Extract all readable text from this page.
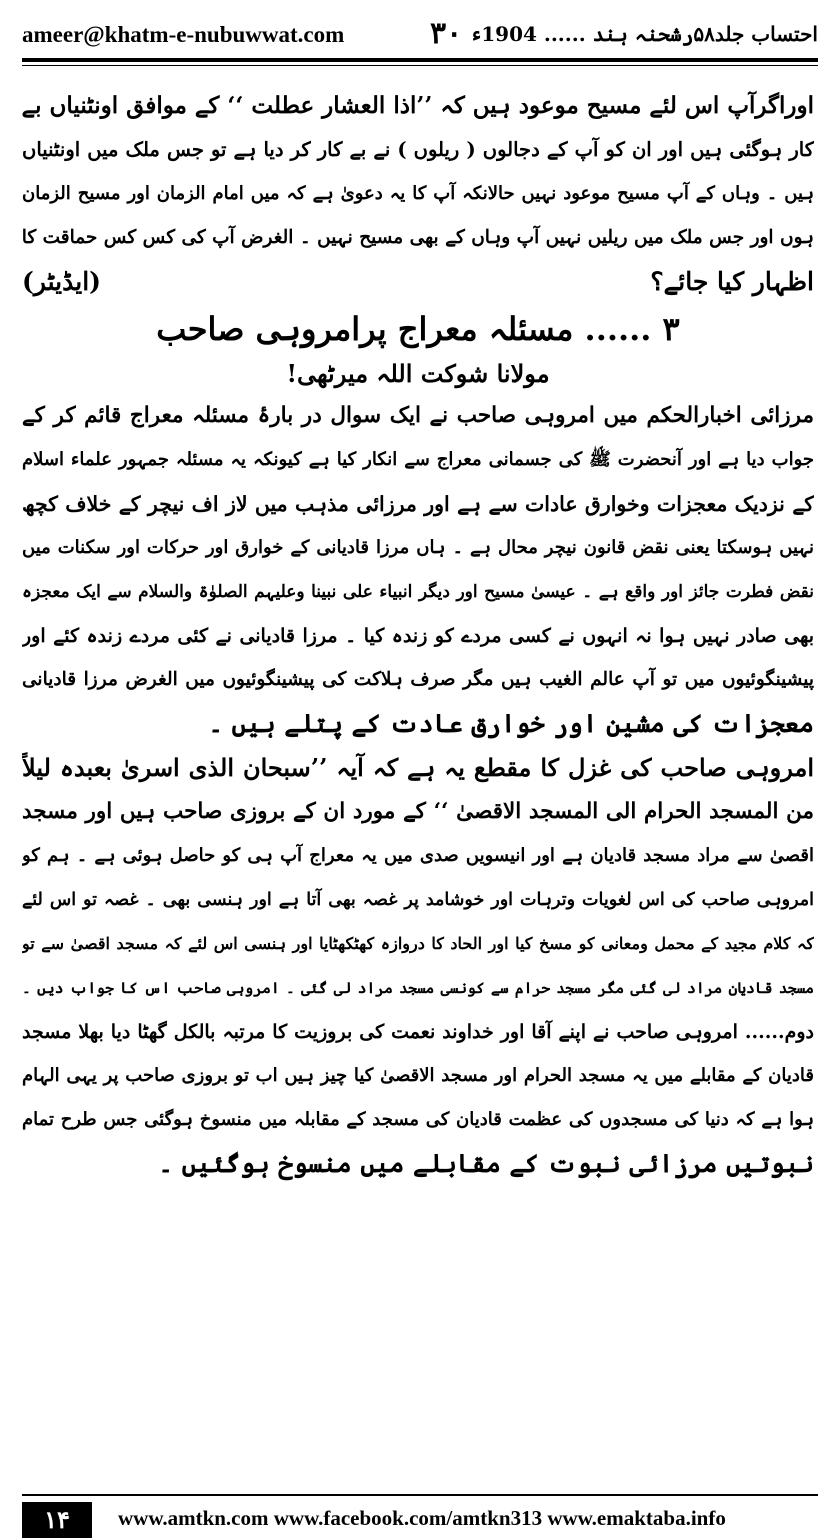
ameer@khatm-e-nubuwwat.com	۳۰ احتساب جلد۵۸رشحنہ ہند ...... 1904ء
اوراگرآپ اس لئے مسیح موعود ہیں کہ ’’اذا العشار عطلت ‘‘ کے موافق اونٹنیاں بے
کار ہوگئی ہیں اور ان کو آپ کے دجالوں ( ریلوں ) نے بے کار کر دیا ہے تو جس ملک میں اونٹنیاں
ہیں ۔ وہاں کے آپ مسیح موعود نہیں حالانکہ آپ کا یہ دعویٰ ہے کہ میں امام الزمان اور مسیح الزمان
ہوں اور جس ملک میں ریلیں نہیں آپ وہاں کے بھی مسیح نہیں ۔ الغرض آپ کی کس کس حماقت کا
اظہار کیا جائے؟
(ایڈیٹر)
۳ ...... مسئلہ معراج پرامروہی صاحب
مولانا شوکت اللہ میرٹھی!
مرزائی اخبارالحکم میں امروہی صاحب نے ایک سوال در بارۂ مسئلہ معراج قائم کر کے
جواب دیا ہے اور آنحضرت ﷺ کی جسمانی معراج سے انکار کیا ہے کیونکہ یہ مسئلہ جمہور علماء اسلام
کے نزدیک معجزات وخوارق عادات سے ہے اور مرزائی مذہب میں لاز اف نیچر کے خلاف کچھ
نہیں ہوسکتا یعنی نقض قانون نیچر محال ہے ۔ ہاں مرزا قادیانی کے خوارق اور حرکات اور سکنات میں
نقض فطرت جائز اور واقع ہے ۔ عیسیٰ مسیح اور دیگر انبیاء علی نبینا وعلیہم الصلوٰۃ والسلام سے ایک معجزہ
بھی صادر نہیں ہوا نہ انہوں نے کسی مردے کو زندہ کیا ۔ مرزا قادیانی نے کئی مردے زندہ کئے اور
پیشینگوئیوں میں تو آپ عالم الغیب ہیں مگر صرف ہلاکت کی پیشینگوئیوں میں الغرض مرزا قادیانی
معجزات کی مشین اور خوارق عادت کے پتلے ہیں ۔
امروہی صاحب کی غزل کا مقطع یہ ہے کہ آیہ ’’سبحان الذی اسریٰ بعبدہ لیلاً
من المسجد الحرام الی المسجد الاقصیٰ ‘‘ کے مورد ان کے بروزی صاحب ہیں اور مسجد
اقصیٰ سے مراد مسجد قادیان ہے اور انیسویں صدی میں یہ معراج آپ ہی کو حاصل ہوئی ہے ۔ ہم کو
امروہی صاحب کی اس لغویات وترہات اور خوشامد پر غصہ بھی آتا ہے اور ہنسی بھی ۔ غصہ تو اس لئے
کہ کلام مجید کے محمل ومعانی کو مسخ کیا اور الحاد کا دروازہ کھٹکھٹایا اور ہنسی اس لئے کہ مسجد اقصیٰ سے تو
مسجد قادیان مراد لی گئی مگر مسجد حرام سے کونسی مسجد مراد لی گئی ۔ امروہی صاحب اس کا جواب دیں ۔
دوم...... امروہی صاحب نے اپنے آقا اور خداوند نعمت کی بروزیت کا مرتبہ بالکل گھٹا دیا بھلا مسجد
قادیان کے مقابلے میں یہ مسجد الحرام اور مسجد الاقصیٰ کیا چیز ہیں اب تو بروزی صاحب پر یہی الہام
ہوا ہے کہ دنیا کی مسجدوں کی عظمت قادیان کی مسجد کے مقابلہ میں منسوخ ہوگئی جس طرح تمام
نبوتیں مرزائی نبوت کے مقابلے میں منسوخ ہوگئیں ۔
۱۴	www.amtkn.com www.facebook.com/amtkn313 www.emaktaba.info
